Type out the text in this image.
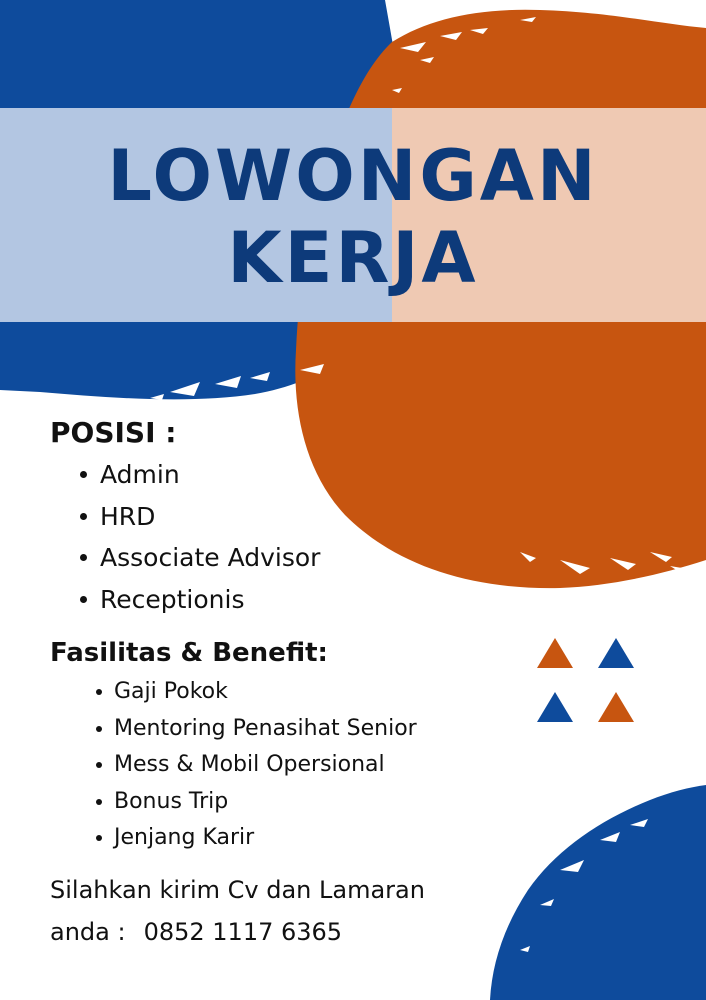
LOWONGAN
KERJA
POSISI :
Admin
HRD
Associate Advisor
Receptionis
Fasilitas & Benefit:
Gaji Pokok
Mentoring Penasihat Senior
Mess & Mobil Opersional
Bonus Trip
Jenjang Karir

Silahkan kirim Cv dan Lamaran

anda : 0852 1117 6365
